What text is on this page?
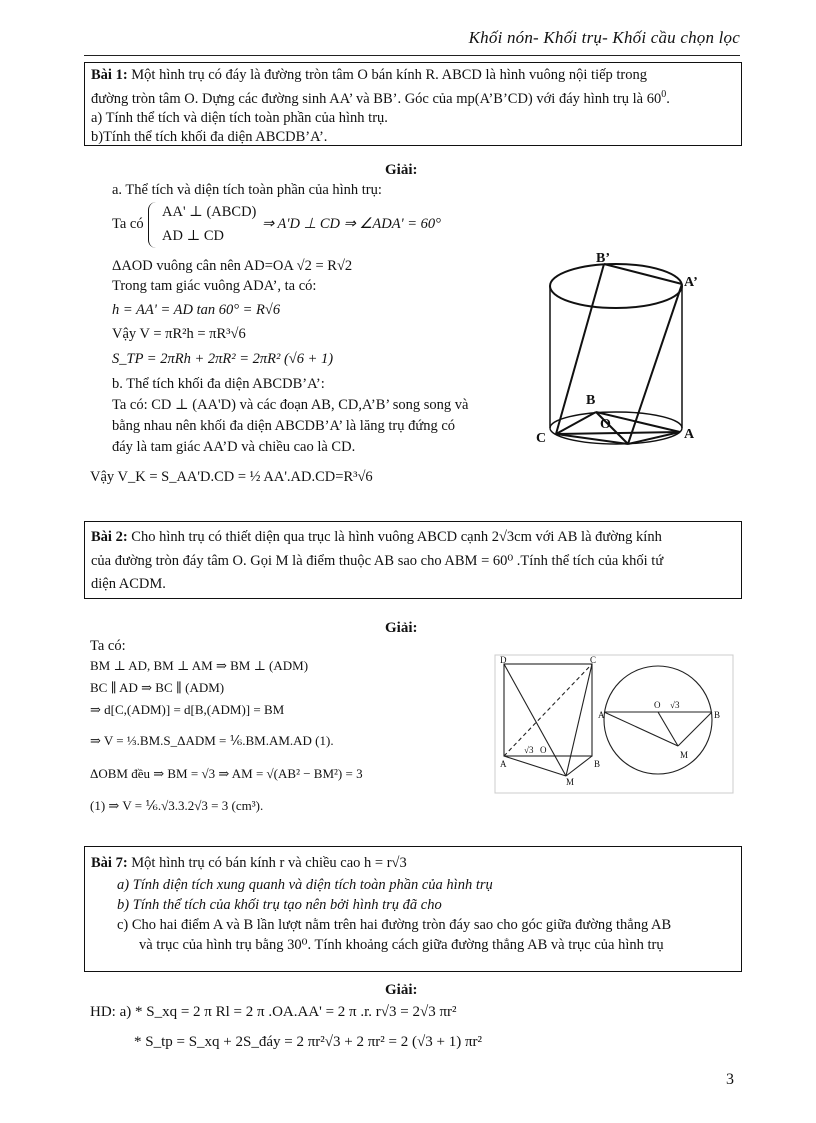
Khối nón- Khối trụ- Khối cầu chọn lọc
Bài 1: Một hình trụ có đáy là đường tròn tâm O bán kính R. ABCD là hình vuông nội tiếp trong
đường tròn tâm O. Dựng các đường sinh AA’ và BB’. Góc của mp(A’B’CD) với đáy hình trụ là $60^0$.
a) Tính thể tích và diện tích toàn phần của hình trụ.
b)Tính thể tích khối đa diện ABCDB’A’.
Giải:
a. Thể tích và diện tích toàn phần của hình trụ:
Ta có
AA' ⊥ (ABCD)
AD ⊥ CD
⇒ A'D ⊥ CD ⇒ ∠ADA' = 60°
ΔAOD vuông cân nên AD=OA √2 = R√2
Trong tam giác vuông ADA’, ta có:
h = AA' = AD tan 60° = R√6
Vậy V = πR²h = πR³√6
S_TP = 2πRh + 2πR² = 2πR² (√6 + 1)
b. Thể tích khối đa diện ABCDB’A’:
Ta có: CD ⊥ (AA'D) và các đoạn AB, CD,A’B’ song song và
bằng nhau nên khối đa diện ABCDB’A’ là lăng trụ đứng có
đáy là tam giác AA’D và chiều cao là CD.
Vậy V_K = S_AA'D.CD = ½ AA'.AD.CD=R³√6
B’
A’
B
O
C	A
Bài 2: Cho hình trụ có thiết diện qua trục là hình vuông ABCD cạnh 2√3cm với AB là đường kính
của đường tròn đáy tâm O. Gọi M là điểm thuộc AB sao cho ABM = 60⁰ .Tính thể tích của khối tứ
diện ACDM.
Giải:
Ta có:
BM ⊥ AD, BM ⊥ AM ⇒ BM ⊥ (ADM)
BC ∥ AD ⇒ BC ∥ (ADM)
⇒ d[C,(ADM)] = d[B,(ADM)] = BM
⇒ V = ⅓.BM.S_ΔADM = ⅙.BM.AM.AD (1).
ΔOBM đều ⇒ BM = √3 ⇒ AM = √(AB² − BM²) = 3
(1) ⇒ V = ⅙.√3.3.2√3 = 3 (cm³).
D	C
A	B
O
√3
M
A	B
O √3
M
Bài 7: Một hình trụ có bán kính r và chiều cao h = r√3
a) Tính diện tích xung quanh và diện tích toàn phần của hình trụ
b) Tính thể tích của khối trụ tạo nên bởi hình trụ đã cho
c) Cho hai điểm A và B lần lượt nằm trên hai đường tròn đáy sao cho góc giữa đường thẳng AB
và trục của hình trụ bằng 30⁰. Tính khoảng cách giữa đường thẳng AB và trục của hình trụ
Giải:
HD: a) * S_xq = 2 π Rl = 2 π .OA.AA' = 2 π .r. r√3 = 2√3 πr²
* S_tp = S_xq + 2S_đáy = 2 πr²√3 + 2 πr² = 2 (√3 + 1) πr²
3
